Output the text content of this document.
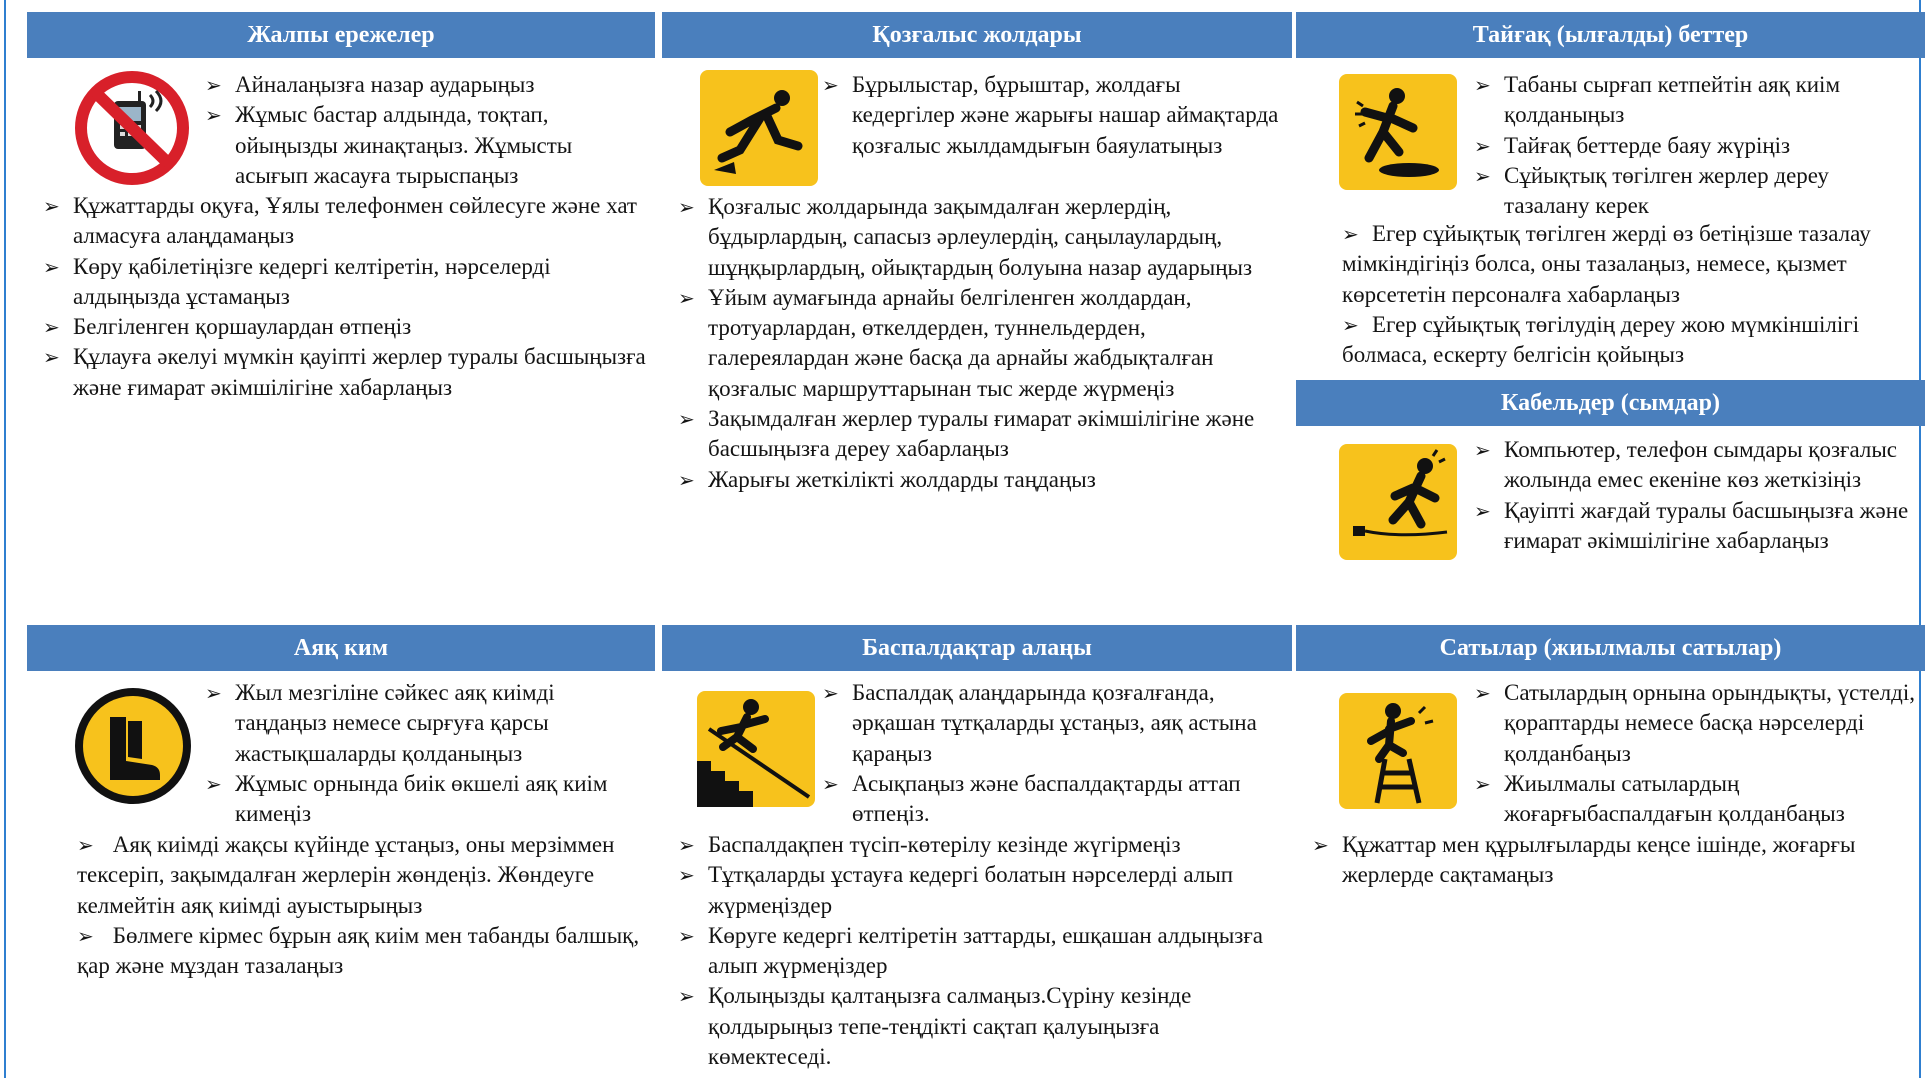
Жалпы ережелер
➢ Айналаңызға назар аударыңыз
➢ Жұмыс бастар алдында, тоқтап, ойыңызды жинақтаңыз. Жұмысты асығып жасауға тырыспаңыз
➢ Құжаттарды оқуға, Ұялы телефонмен сөйлесуге және хат алмасуға алаңдамаңыз
➢ Көру қабілетіңізге кедергі келтіретін, нәрселерді алдыңызда ұстамаңыз
➢ Белгіленген қоршаулардан өтпеңіз
➢ Құлауға әкелуі мүмкін қауіпті жерлер туралы басшыңызға және ғимарат әкімшілігіне хабарлаңыз
Қозғалыс жолдары
➢ Бұрылыстар, бұрыштар, жолдағы кедергілер және жарығы нашар аймақтарда қозғалыс жылдамдығын баяулатыңыз
➢ Қозғалыс жолдарында зақымдалған жерлердің, бұдырлардың, сапасыз әрлеулердің, саңылаулардың, шұңқырлардың, ойықтардың болуына назар аударыңыз
➢ Ұйым аумағында арнайы белгіленген жолдардан, тротуарлардан, өткелдерден, туннельдерден, галереялардан және басқа да арнайы жабдықталған қозғалыс маршруттарынан тыс жерде жүрмеңіз
➢ Зақымдалған жерлер туралы ғимарат әкімшілігіне және басшыңызға дереу хабарлаңыз
➢ Жарығы жеткілікті жолдарды таңдаңыз
Тайғақ (ылғалды) беттер
➢ Табаны сырғап кетпейтін аяқ киім қолданыңыз
➢ Тайғақ беттерде баяу жүріңіз
➢ Сұйықтық төгілген жерлер дереу тазалану керек
➢ Егер сұйықтық төгілген жерді өз бетіңізше тазалау мімкіндігіңіз болса, оны тазалаңыз, немесе, қызмет көрсететін персоналға хабарлаңыз
➢ Егер сұйықтық төгілудің дереу жою мүмкіншілігі болмаса, ескерту белгісін қойыңыз
Кабельдер (сымдар)
➢ Компьютер, телефон сымдары қозғалыс жолында емес екеніне көз жеткізіңіз
➢ Қауіпті жағдай туралы басшыңызға және ғимарат әкімшілігіне хабарлаңыз
Аяқ ким
➢ Жыл мезгіліне сәйкес аяқ киімді таңдаңыз немесе сырғуға қарсы жастықшаларды қолданыңыз
➢ Жұмыс орнында биік өкшелі аяқ киім кимеңіз
➢ Аяқ киімді жақсы күйінде ұстаңыз, оны мерзіммен тексеріп, зақымдалған жерлерін жөндеңіз. Жөндеуге келмейтін аяқ киімді ауыстырыңыз
➢ Бөлмеге кірмес бұрын аяқ киім мен табанды балшық, қар және мұздан тазалаңыз
Баспалдақтар алаңы
➢ Баспалдақ алаңдарында қозғалғанда, әрқашан тұтқаларды ұстаңыз, аяқ астына қараңыз
➢ Асықпаңыз және баспалдақтарды аттап өтпеңіз.
➢ Баспалдақпен түсіп-көтерілу кезінде жүгірмеңіз
➢ Тұтқаларды ұстауға кедергі болатын нәрселерді алып жүрмеңіздер
➢ Көруге кедергі келтіретін заттарды, ешқашан алдыңызға алып жүрмеңіздер
➢ Қолыңызды қалтаңызға салмаңыз.Сүріну кезінде қолдырыңыз тепе-теңдікті сақтап қалуыңызға көмектеседі.
Сатылар (жиылмалы сатылар)
➢ Сатылардың орнына орындықты, үстелді, қораптарды немесе басқа нәрселерді қолданбаңыз
➢ Жиылмалы сатылардың жоғарғыбаспалдағын қолданбаңыз
➢ Құжаттар мен құрылғыларды кеңсе ішінде, жоғарғы жерлерде сақтамаңыз
